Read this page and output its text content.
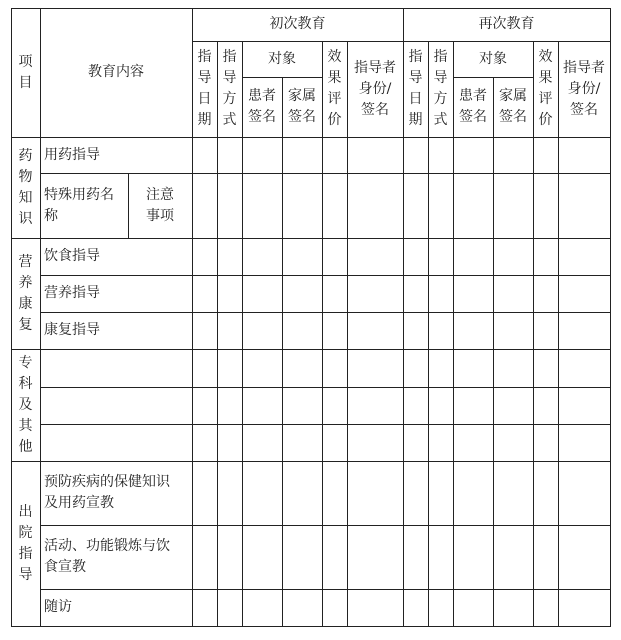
项
目
教育内容
初次教育	再次教育
指
导
日
期
指
导
方
式
对象
患者
签名
家属
签名
效
果
评
价
指导者
身份/
签名
指
导
日
期
指
导
方
式
对象
患者
签名
家属
签名
效
果
评
价
指导者
身份/
签名
药
物
知
识
营
养
康
复
专
科
及
其
他
出
院
指
导
用药指导
特殊用药名
称
注意
事项
饮食指导
营养指导
康复指导
预防疾病的保健知识
及用药宣教
活动、功能锻炼与饮
食宣教
随访
